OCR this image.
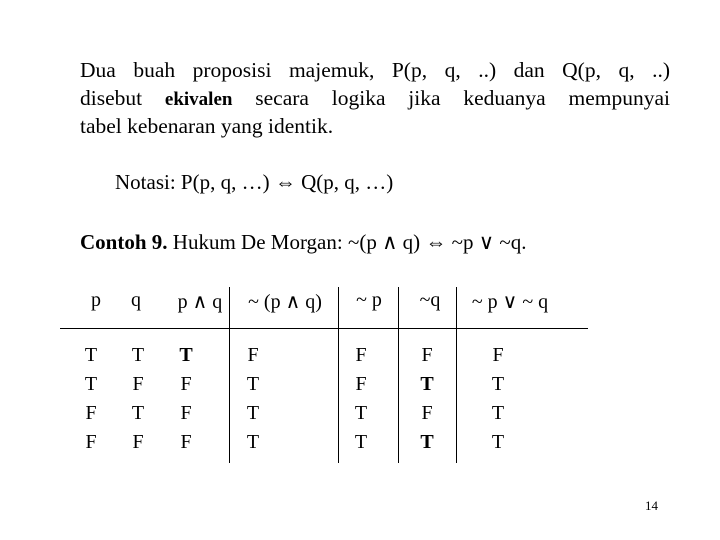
Dua buah proposisi majemuk, P(p, q, ..) dan Q(p, q, ..)
disebut ekivalen secara logika jika keduanya mempunyai
tabel kebenaran yang identik.
Notasi: P(p, q, …) ⇔ Q(p, q, …)
Contoh 9. Hukum De Morgan: ~(p ∧ q) ⇔ ~p ∨ ~q.
p	q	p ∧ q	~ (p ∧ q)	~ p	~q	~ p ∨ ~ q
T	T	T	F	F	F	F
T	F	F	T	F	T	T
F	T	F	T	T	F	T
F	F	F	T	T	T	T
14
